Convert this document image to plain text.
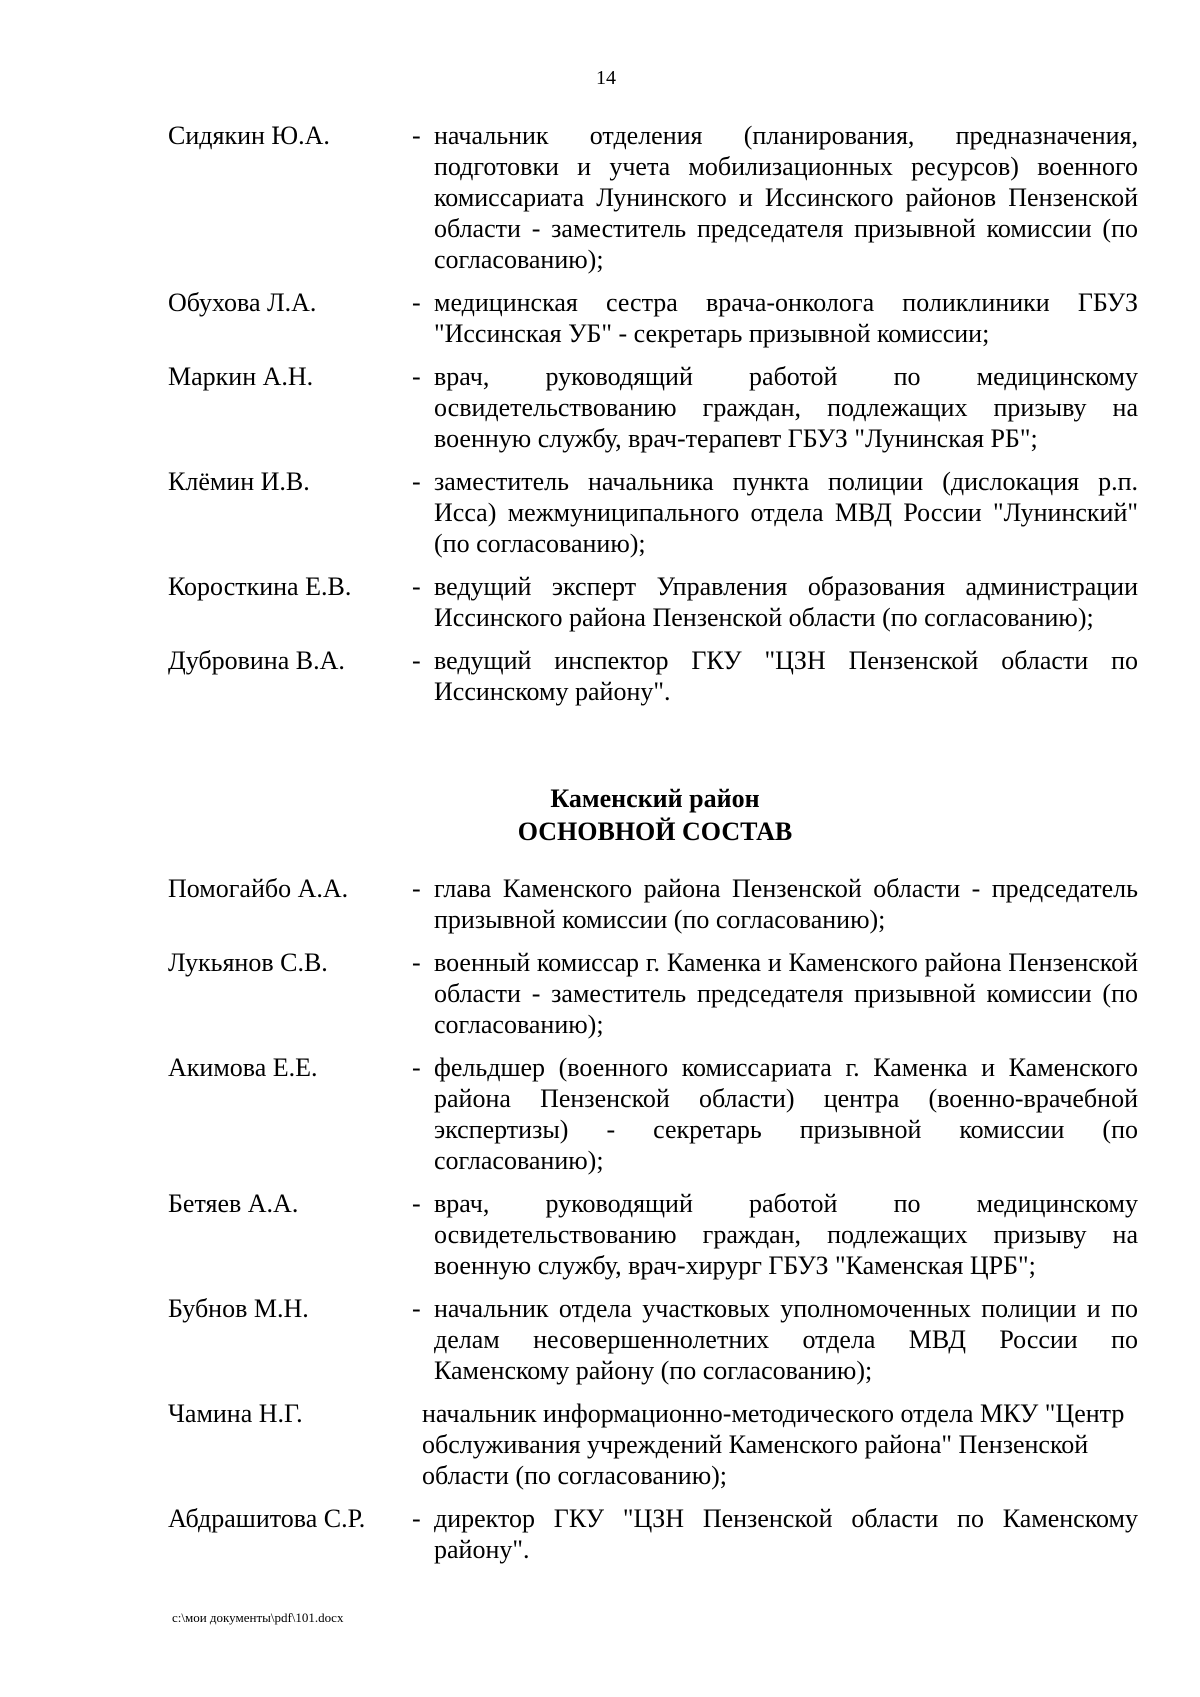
14
Сидякин Ю.А.	- начальник отделения (планирования, предназначения, подготовки и учета мобилизационных ресурсов) военного комиссариата Лунинского и Иссинского районов Пензенской области - заместитель председателя призывной комиссии (по согласованию);
Обухова Л.А.	- медицинская сестра врача-онколога поликлиники ГБУЗ "Иссинская УБ" - секретарь призывной комиссии;
Маркин А.Н.	- врач, руководящий работой по медицинскому освидетельствованию граждан, подлежащих призыву на военную службу, врач-терапевт ГБУЗ "Лунинская РБ";
Клёмин И.В.	- заместитель начальника пункта полиции (дислокация р.п. Исса) межмуниципального отдела МВД России "Лунинский" (по согласованию);
Коросткина Е.В.	- ведущий эксперт Управления образования администрации Иссинского района Пензенской области (по согласованию);
Дубровина В.А.	- ведущий инспектор ГКУ "ЦЗН Пензенской области по Иссинскому району".
Каменский район
ОСНОВНОЙ СОСТАВ
Помогайбо А.А.	- глава Каменского района Пензенской области - председатель призывной комиссии (по согласованию);
Лукьянов С.В.	- военный комиссар г. Каменка и Каменского района Пензенской области - заместитель председателя призывной комиссии (по согласованию);
Акимова Е.Е.	- фельдшер (военного комиссариата г. Каменка и Каменского района Пензенской области) центра (военно-врачебной экспертизы) - секретарь призывной комиссии (по согласованию);
Бетяев А.А.	- врач, руководящий работой по медицинскому освидетельствованию граждан, подлежащих призыву на военную службу, врач-хирург ГБУЗ "Каменская ЦРБ";
Бубнов М.Н.	- начальник отдела участковых уполномоченных полиции и по делам несовершеннолетних отдела МВД России по Каменскому району (по согласованию);
Чамина Н.Г.	начальник информационно-методического отдела МКУ "Центр обслуживания учреждений Каменского района" Пензенской области (по согласованию);
Абдрашитова С.Р.	- директор ГКУ "ЦЗН Пензенской области по Каменскому району".
c:\мои документы\pdf\101.docx
